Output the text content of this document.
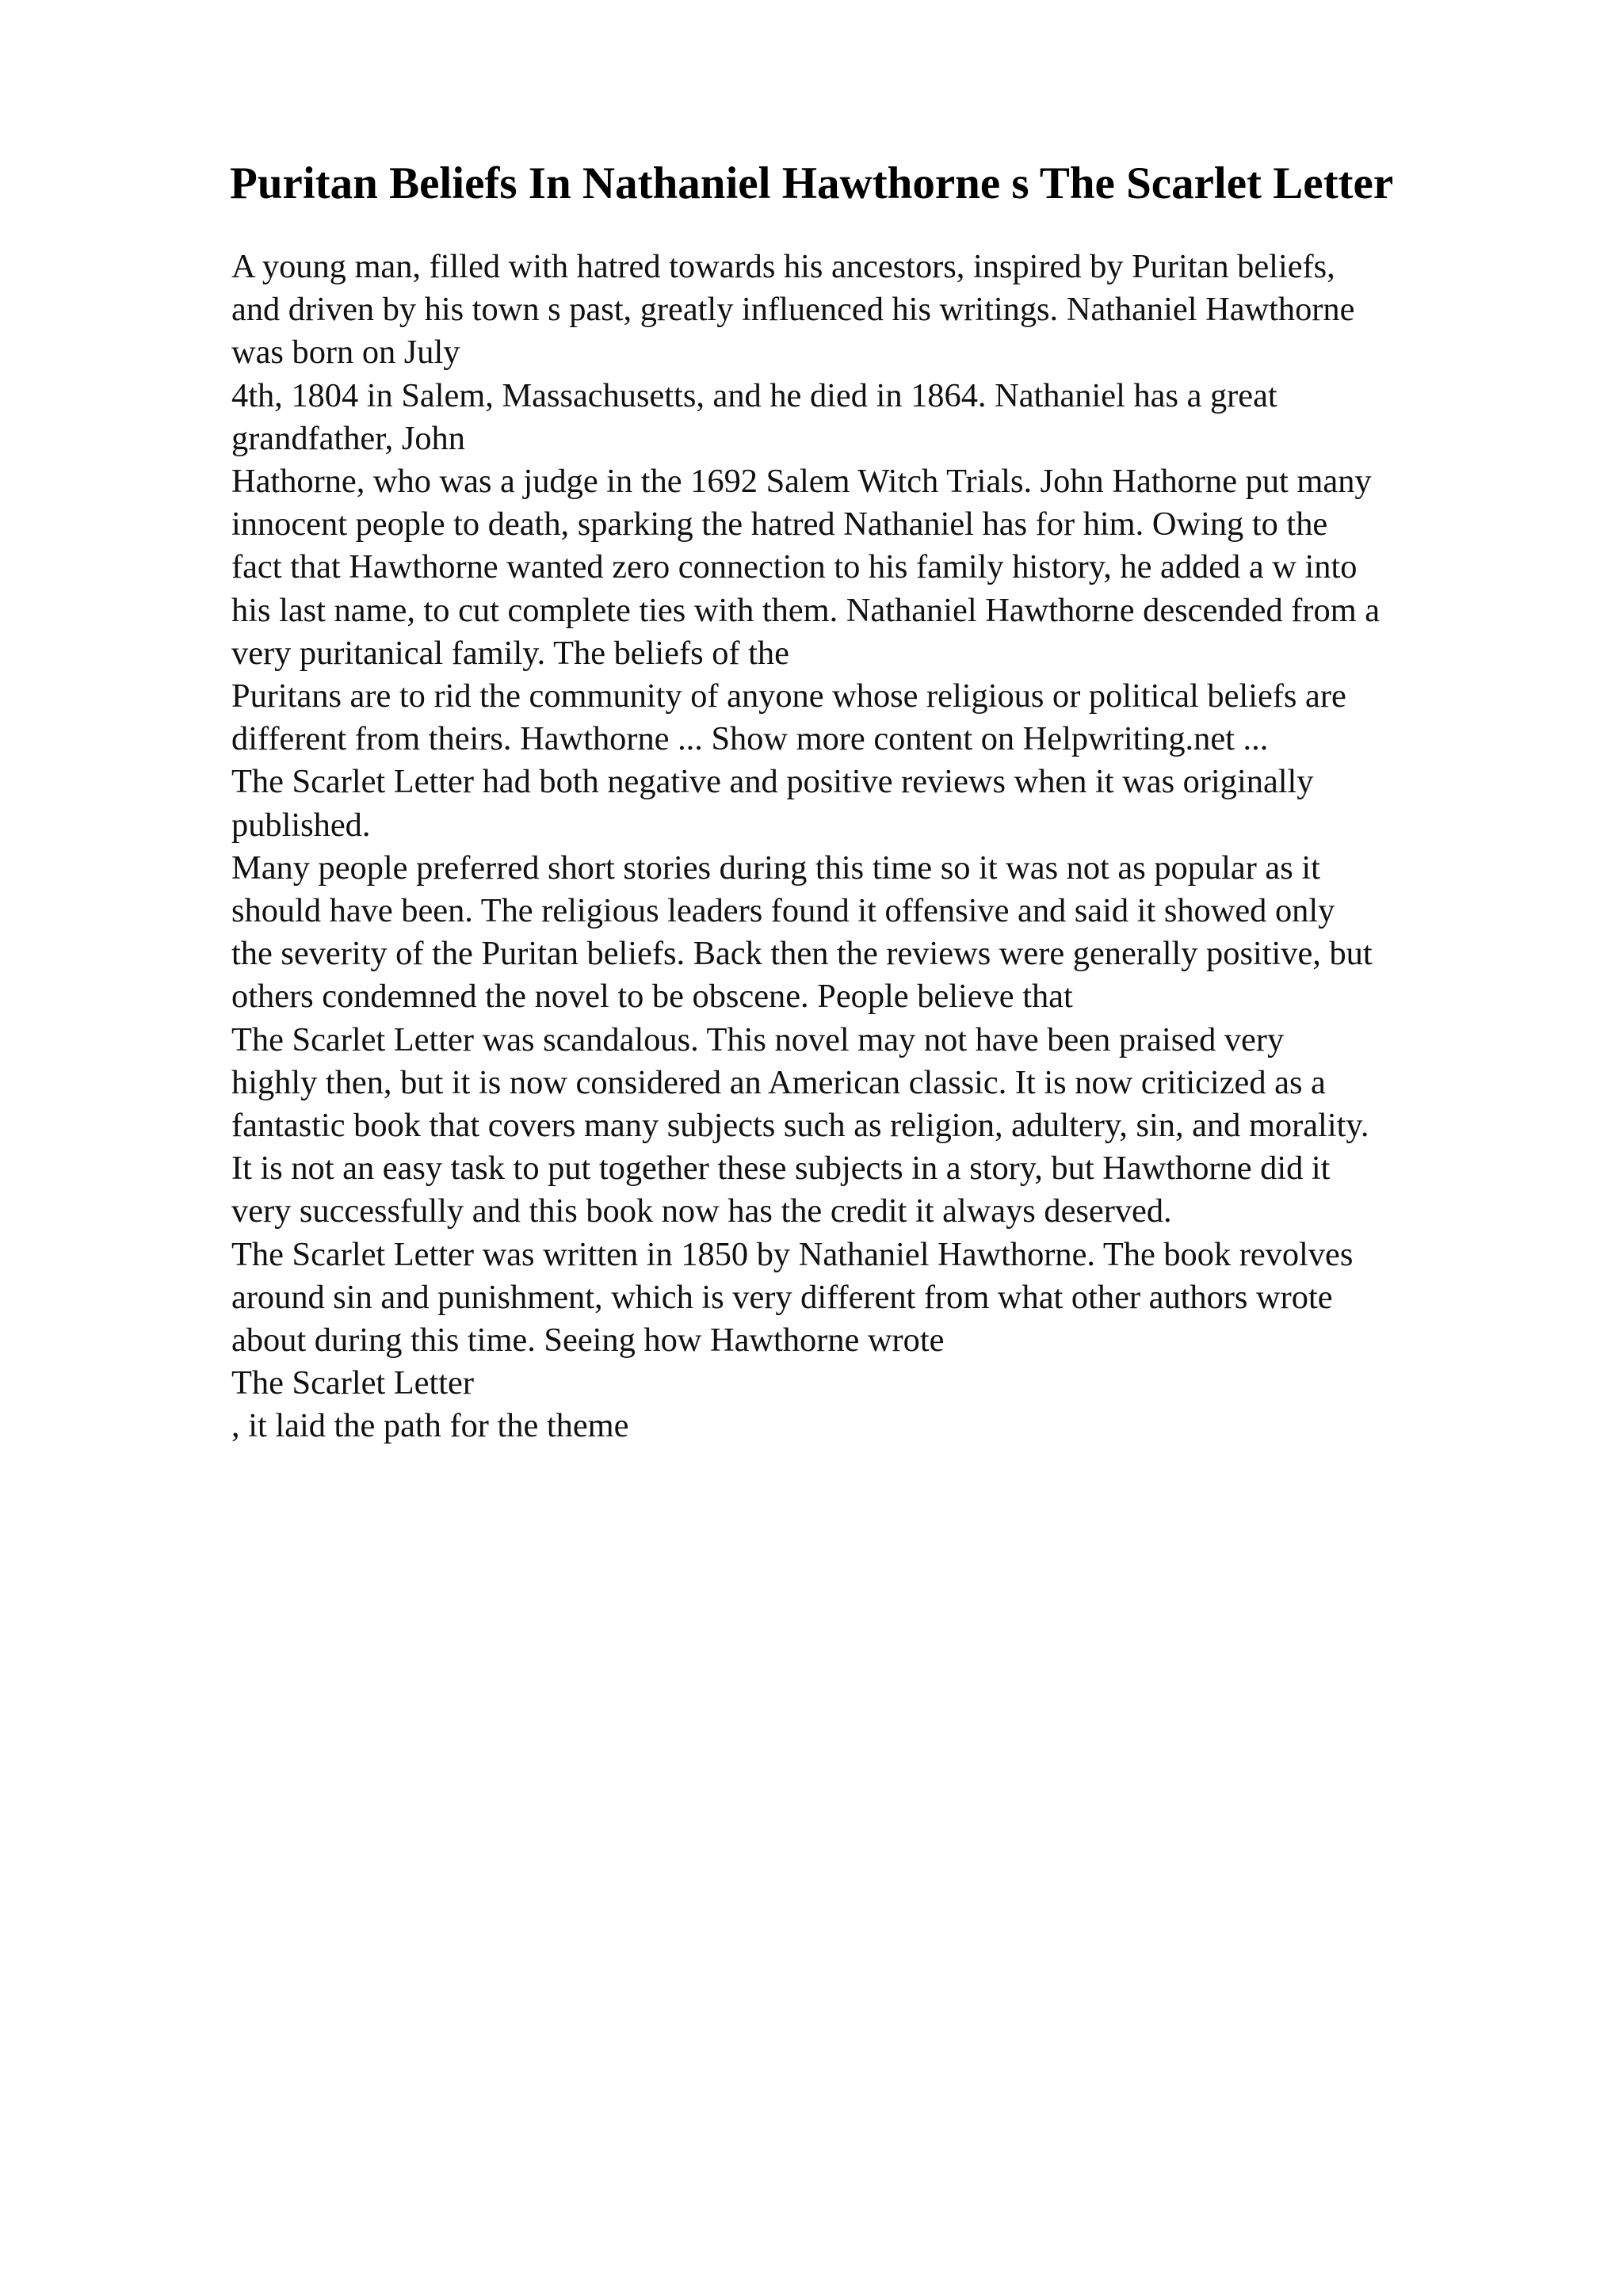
Puritan Beliefs In Nathaniel Hawthorne s The Scarlet Letter
A young man, filled with hatred towards his ancestors, inspired by Puritan beliefs,
and driven by his town s past, greatly influenced his writings. Nathaniel Hawthorne
was born on July
4th, 1804 in Salem, Massachusetts, and he died in 1864. Nathaniel has a great
grandfather, John
Hathorne, who was a judge in the 1692 Salem Witch Trials. John Hathorne put many
innocent people to death, sparking the hatred Nathaniel has for him. Owing to the
fact that Hawthorne wanted zero connection to his family history, he added a w into
his last name, to cut complete ties with them. Nathaniel Hawthorne descended from a
very puritanical family. The beliefs of the
Puritans are to rid the community of anyone whose religious or political beliefs are
different from theirs. Hawthorne ... Show more content on Helpwriting.net ...
The Scarlet Letter had both negative and positive reviews when it was originally
published.
Many people preferred short stories during this time so it was not as popular as it
should have been. The religious leaders found it offensive and said it showed only
the severity of the Puritan beliefs. Back then the reviews were generally positive, but
others condemned the novel to be obscene. People believe that
The Scarlet Letter was scandalous. This novel may not have been praised very
highly then, but it is now considered an American classic. It is now criticized as a
fantastic book that covers many subjects such as religion, adultery, sin, and morality.
It is not an easy task to put together these subjects in a story, but Hawthorne did it
very successfully and this book now has the credit it always deserved.
The Scarlet Letter was written in 1850 by Nathaniel Hawthorne. The book revolves
around sin and punishment, which is very different from what other authors wrote
about during this time. Seeing how Hawthorne wrote
The Scarlet Letter
, it laid the path for the theme
